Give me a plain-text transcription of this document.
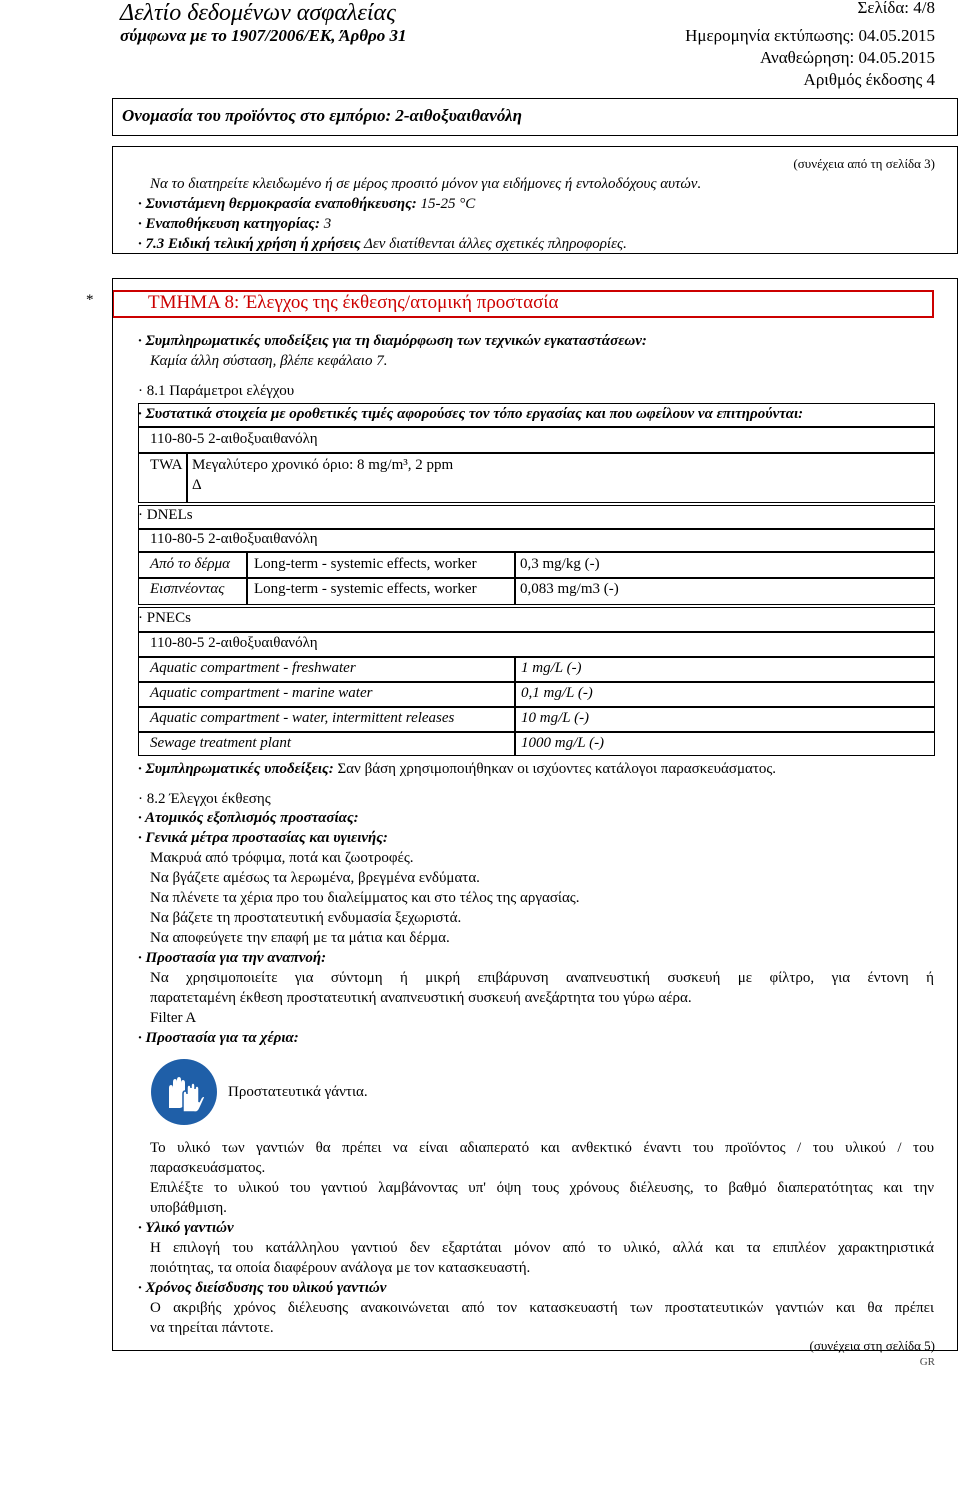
Δελτίο δεδομένων ασφαλείας
σύμφωνα με το 1907/2006/ΕΚ, Άρθρο 31
Σελίδα: 4/8
Ημερομηνία εκτύπωσης: 04.05.2015
Αναθεώρηση: 04.05.2015
Αριθμός έκδοσης 4
Ονομασία του προϊόντος στο εμπόριο: 2-αιθοξυαιθανόλη
(συνέχεια από τη σελίδα 3)
Να το διατηρείτε κλειδωμένο ή σε μέρος προσιτό μόνον για ειδήμονες ή εντολοδόχους αυτών.
· Συνιστάμενη θερμοκρασία εναποθήκευσης: 15-25 °C
· Εναποθήκευση κατηγορίας: 3
· 7.3 Ειδική τελική χρήση ή χρήσεις Δεν διατίθενται άλλες σχετικές πληροφορίες.
*	ΤΜΗΜΑ 8: Έλεγχος της έκθεσης/ατομική προστασία
· Συμπληρωματικές υποδείξεις για τη διαμόρφωση των τεχνικών εγκαταστάσεων:
Καμία άλλη σύσταση, βλέπε κεφάλαιο 7.
· 8.1 Παράμετροι ελέγχου
· Συστατικά στοιχεία με οροθετικές τιμές αφορούσες τον τόπο εργασίας και που ωφείλουν να επιτηρούνται:
110-80-5 2-αιθοξυαιθανόλη
TWA Μεγαλύτερο χρονικό όριο: 8 mg/m³, 2 ppm
Δ
· DNELs
110-80-5 2-αιθοξυαιθανόλη
Από το δέρμα Long-term - systemic effects, worker	0,3 mg/kg (-)
Εισπνέοντας Long-term - systemic effects, worker	0,083 mg/m3 (-)
· PNECs
110-80-5 2-αιθοξυαιθανόλη
Aquatic compartment - freshwater	1 mg/L (-)
Aquatic compartment - marine water	0,1 mg/L (-)
Aquatic compartment - water, intermittent releases	10 mg/L (-)
Sewage treatment plant	1000 mg/L (-)
· Συμπληρωματικές υποδείξεις: Σαν βάση χρησιμοποιήθηκαν οι ισχύοντες κατάλογοι παρασκευάσματος.
· 8.2 Έλεγχοι έκθεσης
· Ατομικός εξοπλισμός προστασίας:
· Γενικά μέτρα προστασίας και υγιεινής:
Μακρυά από τρόφιμα, ποτά και ζωοτροφές.
Να βγάζετε αμέσως τα λερωμένα, βρεγμένα ενδύματα.
Να πλένετε τα χέρια προ του διαλείμματος και στο τέλος της αργασίας.
Να βάζετε τη προστατευτική ενδυμασία ξεχωριστά.
Να αποφεύγετε την επαφή με τα μάτια και δέρμα.
· Προστασία για την αναπνοή:
Να χρησιμοποιείτε για σύντομη ή μικρή επιβάρυνση αναπνευστική συσκευή με φίλτρο, για έντονη ή
παρατεταμένη έκθεση προστατευτική αναπνευστική συσκευή ανεξάρτητα του γύρω αέρα.
Filter A
· Προστασία για τα χέρια:
Προστατευτικά γάντια.
Το υλικό των γαντιών θα πρέπει να είναι αδιαπερατό και ανθεκτικό έναντι του προϊόντος / του υλικού / του
παρασκευάσματος.
Επιλέξτε το υλικού του γαντιού λαμβάνοντας υπ' όψη τους χρόνους διέλευσης, το βαθμό διαπερατότητας και την
υποβάθμιση.
· Υλικό γαντιών
Η επιλογή του κατάλληλου γαντιού δεν εξαρτάται μόνον από το υλικό, αλλά και τα επιπλέον χαρακτηριστικά
ποιότητας, τα οποία διαφέρουν ανάλογα με τον κατασκευαστή.
· Χρόνος διείσδυσης του υλικού γαντιών
Ο ακριβής χρόνος διέλευσης ανακοινώνεται από τον κατασκευαστή των προστατευτικών γαντιών και θα πρέπει
να τηρείται πάντοτε.
(συνέχεια στη σελίδα 5)
GR
